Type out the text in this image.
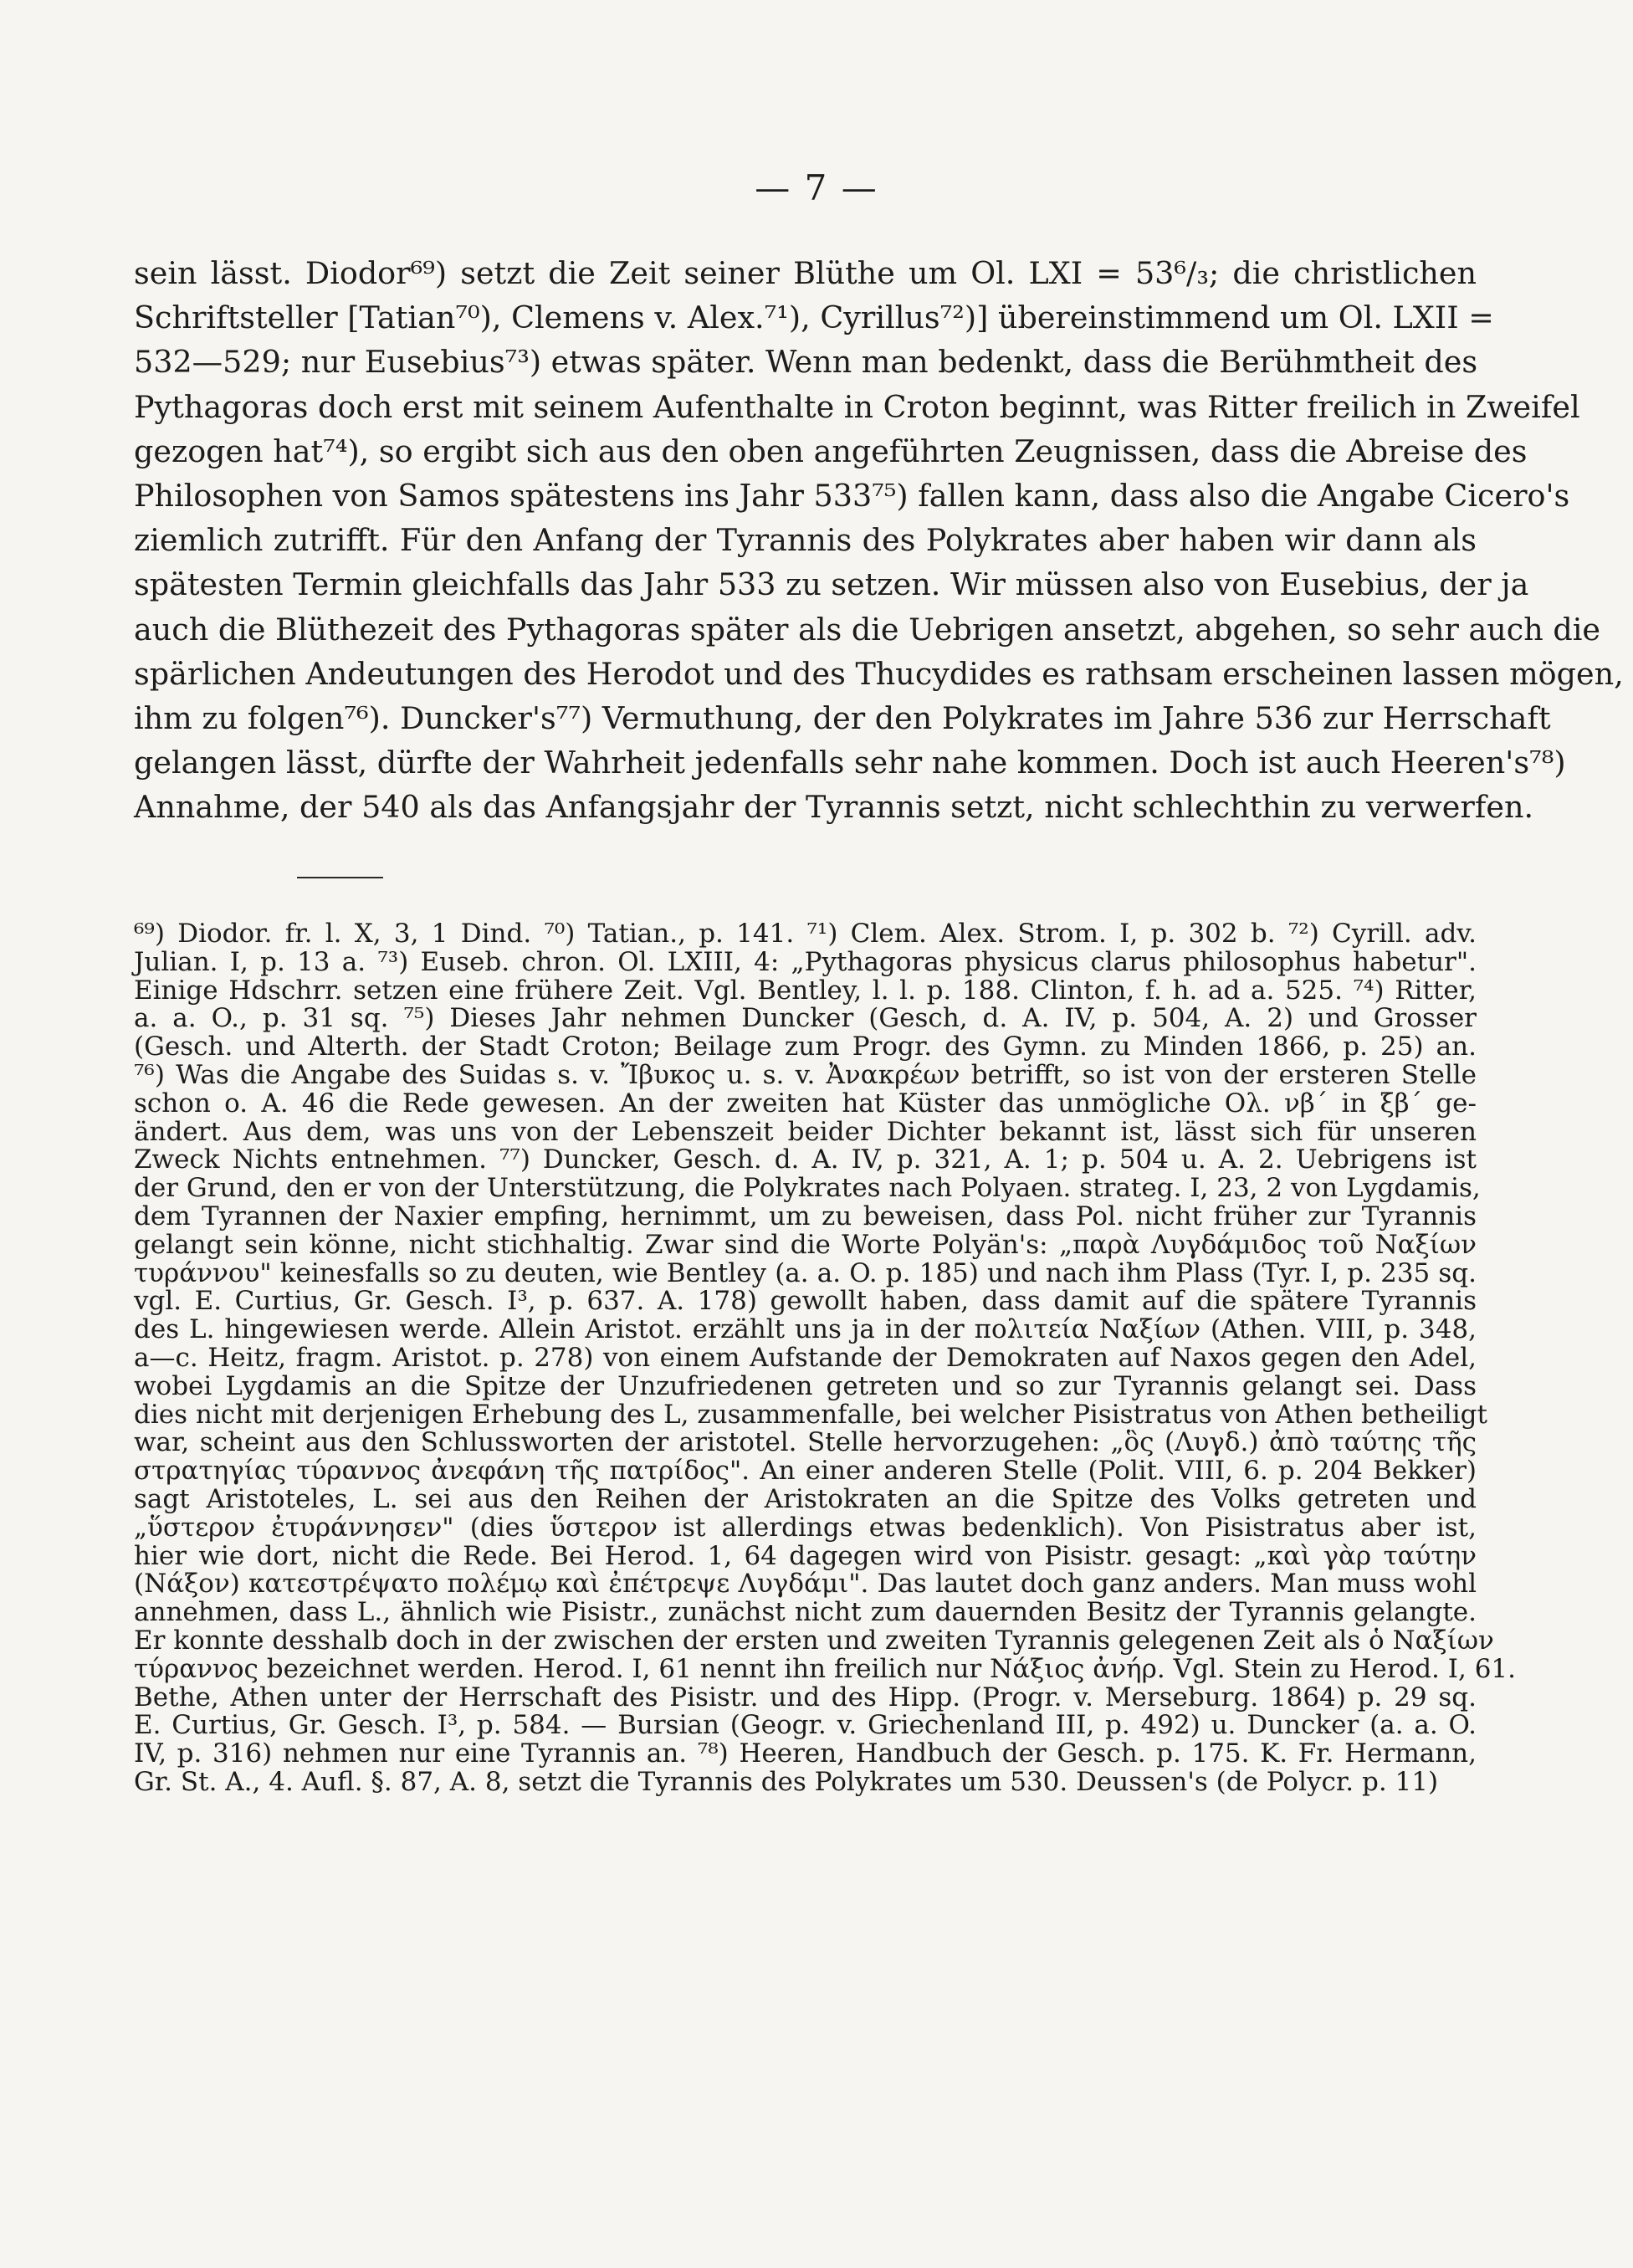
— 7 —
sein lässt. Diodor⁶⁹) setzt die Zeit seiner Blüthe um Ol. LXI = 53⁶/₃; die christlichen
Schriftsteller [Tatian⁷⁰), Clemens v. Alex.⁷¹), Cyrillus⁷²)] übereinstimmend um Ol. LXII =
532—529; nur Eusebius⁷³) etwas später. Wenn man bedenkt, dass die Berühmtheit des
Pythagoras doch erst mit seinem Aufenthalte in Croton beginnt, was Ritter freilich in Zweifel
gezogen hat⁷⁴), so ergibt sich aus den oben angeführten Zeugnissen, dass die Abreise des
Philosophen von Samos spätestens ins Jahr 533⁷⁵) fallen kann, dass also die Angabe Cicero's
ziemlich zutrifft. Für den Anfang der Tyrannis des Polykrates aber haben wir dann als
spätesten Termin gleichfalls das Jahr 533 zu setzen. Wir müssen also von Eusebius, der ja
auch die Blüthezeit des Pythagoras später als die Uebrigen ansetzt, abgehen, so sehr auch die
spärlichen Andeutungen des Herodot und des Thucydides es rathsam erscheinen lassen mögen,
ihm zu folgen⁷⁶). Duncker's⁷⁷) Vermuthung, der den Polykrates im Jahre 536 zur Herrschaft
gelangen lässt, dürfte der Wahrheit jedenfalls sehr nahe kommen. Doch ist auch Heeren's⁷⁸)
Annahme, der 540 als das Anfangsjahr der Tyrannis setzt, nicht schlechthin zu verwerfen.
⁶⁹) Diodor. fr. l. X, 3, 1 Dind. ⁷⁰) Tatian., p. 141. ⁷¹) Clem. Alex. Strom. I, p. 302 b. ⁷²) Cyrill. adv.
Julian. I, p. 13 a. ⁷³) Euseb. chron. Ol. LXIII, 4: „Pythagoras physicus clarus philosophus habetur".
Einige Hdschrr. setzen eine frühere Zeit. Vgl. Bentley, l. l. p. 188. Clinton, f. h. ad a. 525. ⁷⁴) Ritter,
a. a. O., p. 31 sq. ⁷⁵) Dieses Jahr nehmen Duncker (Gesch, d. A. IV, p. 504, A. 2) und Grosser
(Gesch. und Alterth. der Stadt Croton; Beilage zum Progr. des Gymn. zu Minden 1866, p. 25) an.
⁷⁶) Was die Angabe des Suidas s. v. Ἴβυκος u. s. v. Ἀνακρέων betrifft, so ist von der ersteren Stelle
schon o. A. 46 die Rede gewesen. An der zweiten hat Küster das unmögliche Ολ. νβ΄ in ξβ΄ ge-
ändert. Aus dem, was uns von der Lebenszeit beider Dichter bekannt ist, lässt sich für unseren
Zweck Nichts entnehmen. ⁷⁷) Duncker, Gesch. d. A. IV, p. 321, A. 1; p. 504 u. A. 2. Uebrigens ist
der Grund, den er von der Unterstützung, die Polykrates nach Polyaen. strateg. I, 23, 2 von Lygdamis,
dem Tyrannen der Naxier empfing, hernimmt, um zu beweisen, dass Pol. nicht früher zur Tyrannis
gelangt sein könne, nicht stichhaltig. Zwar sind die Worte Polyän's: „παρὰ Λυγδάμιδος τοῦ Ναξίων
τυράννου" keinesfalls so zu deuten, wie Bentley (a. a. O. p. 185) und nach ihm Plass (Tyr. I, p. 235 sq.
vgl. E. Curtius, Gr. Gesch. I³, p. 637. A. 178) gewollt haben, dass damit auf die spätere Tyrannis
des L. hingewiesen werde. Allein Aristot. erzählt uns ja in der πολιτεία Ναξίων (Athen. VIII, p. 348,
a—c. Heitz, fragm. Aristot. p. 278) von einem Aufstande der Demokraten auf Naxos gegen den Adel,
wobei Lygdamis an die Spitze der Unzufriedenen getreten und so zur Tyrannis gelangt sei. Dass
dies nicht mit derjenigen Erhebung des L, zusammenfalle, bei welcher Pisistratus von Athen betheiligt
war, scheint aus den Schlussworten der aristotel. Stelle hervorzugehen: „ὃς (Λυγδ.) ἀπὸ ταύτης τῆς
στρατηγίας τύραννος ἀνεφάνη τῆς πατρίδος". An einer anderen Stelle (Polit. VIII, 6. p. 204 Bekker)
sagt Aristoteles, L. sei aus den Reihen der Aristokraten an die Spitze des Volks getreten und
„ὕστερον ἐτυράννησεν" (dies ὕστερον ist allerdings etwas bedenklich). Von Pisistratus aber ist,
hier wie dort, nicht die Rede. Bei Herod. 1, 64 dagegen wird von Pisistr. gesagt: „καὶ γὰρ ταύτην
(Νάξον) κατεστρέψατο πολέμῳ καὶ ἐπέτρεψε Λυγδάμι". Das lautet doch ganz anders. Man muss wohl
annehmen, dass L., ähnlich wie Pisistr., zunächst nicht zum dauernden Besitz der Tyrannis gelangte.
Er konnte desshalb doch in der zwischen der ersten und zweiten Tyrannis gelegenen Zeit als ὁ Ναξίων
τύραννος bezeichnet werden. Herod. I, 61 nennt ihn freilich nur Νάξιος ἀνήρ. Vgl. Stein zu Herod. I, 61.
Bethe, Athen unter der Herrschaft des Pisistr. und des Hipp. (Progr. v. Merseburg. 1864) p. 29 sq.
E. Curtius, Gr. Gesch. I³, p. 584. — Bursian (Geogr. v. Griechenland III, p. 492) u. Duncker (a. a. O.
IV, p. 316) nehmen nur eine Tyrannis an. ⁷⁸) Heeren, Handbuch der Gesch. p. 175. K. Fr. Hermann,
Gr. St. A., 4. Aufl. §. 87, A. 8, setzt die Tyrannis des Polykrates um 530. Deussen's (de Polycr. p. 11)
